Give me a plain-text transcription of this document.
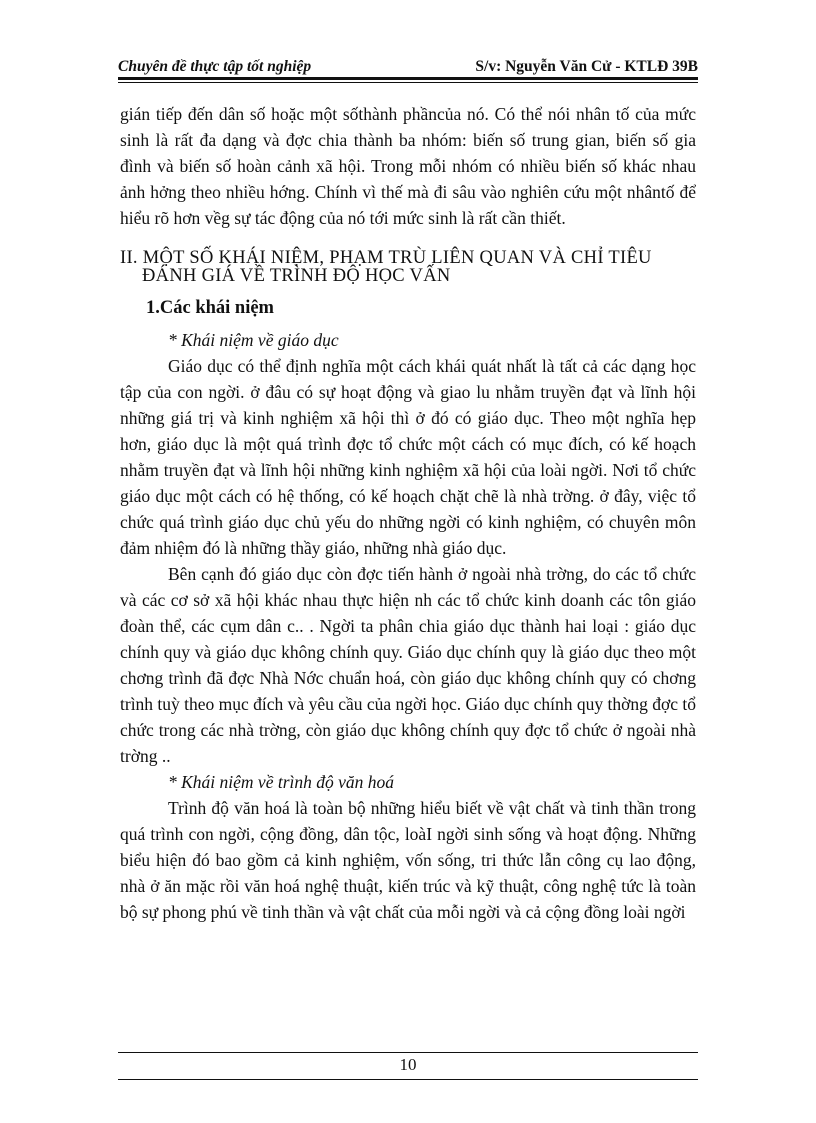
Chuyên đề thực tập tốt nghiệp	S/v: Nguyễn Văn Cử - KTLĐ 39B

gián tiếp đến dân số hoặc một sốthành phầncủa nó. Có thể nói nhân tố của mức sinh là rất đa dạng và đợc chia thành ba nhóm: biến số trung gian, biến số gia đình và biến số hoàn cảnh xã hội. Trong mỗi nhóm có nhiều biến số khác nhau ảnh hởng theo nhiều hớng. Chính vì thế mà đi sâu vào nghiên cứu một nhântố để hiểu rõ hơn vềg sự tác động của nó tới mức sinh là rất cần thiết.

II. MỘT SỐ KHÁI NIỆM, PHẠM TRÙ LIÊN QUAN VÀ CHỈ TIÊU
ĐÁNH GIÁ VỀ TRÌNH ĐỘ HỌC VẤN

1.Các khái niệm

* Khái niệm về giáo dục

Giáo dục có thể định nghĩa một cách khái quát nhất là tất cả các dạng học tập của con ngời. ở đâu có sự hoạt động và giao lu nhằm truyền đạt và lĩnh hội những giá trị và kinh nghiệm xã hội thì ở đó có giáo dục. Theo một nghĩa hẹp hơn, giáo dục là một quá trình đợc tổ chức một cách có mục đích, có kế hoạch nhằm truyền đạt và lĩnh hội những kinh nghiệm xã hội của loài ngời. Nơi tổ chức giáo dục một cách có hệ thống, có kế hoạch chặt chẽ là nhà trờng. ở đây, việc tổ chức quá trình giáo dục chủ yếu do những ngời có kinh nghiệm, có chuyên môn đảm nhiệm đó là những thầy giáo, những nhà giáo dục.

Bên cạnh đó giáo dục còn đợc tiến hành ở ngoài nhà trờng, do các tổ chức và các cơ sở xã hội khác nhau thực hiện nh các tổ chức kinh doanh các tôn giáo đoàn thể, các cụm dân c.. . Ngời ta phân chia giáo dục thành hai loại : giáo dục chính quy và giáo dục không chính quy. Giáo dục chính quy là giáo dục theo một chơng trình đã đợc Nhà Nớc chuẩn hoá, còn giáo dục không chính quy có chơng trình tuỳ theo mục đích và yêu cầu của ngời học. Giáo dục chính quy thờng đợc tổ chức trong các nhà trờng, còn giáo dục không chính quy đợc tổ chức ở ngoài nhà trờng ..

* Khái niệm về trình độ văn hoá

Trình độ văn hoá là toàn bộ những hiểu biết về vật chất và tinh thần trong quá trình con ngời, cộng đồng, dân tộc, loàI ngời sinh sống và hoạt động. Những biểu hiện đó bao gồm cả kinh nghiệm, vốn sống, tri thức lẫn công cụ lao động, nhà ở ăn mặc rồi văn hoá nghệ thuật, kiến trúc và kỹ thuật, công nghệ tức là toàn bộ sự phong phú về tinh thần và vật chất của mỗi ngời và cả cộng đồng loài ngời

10
